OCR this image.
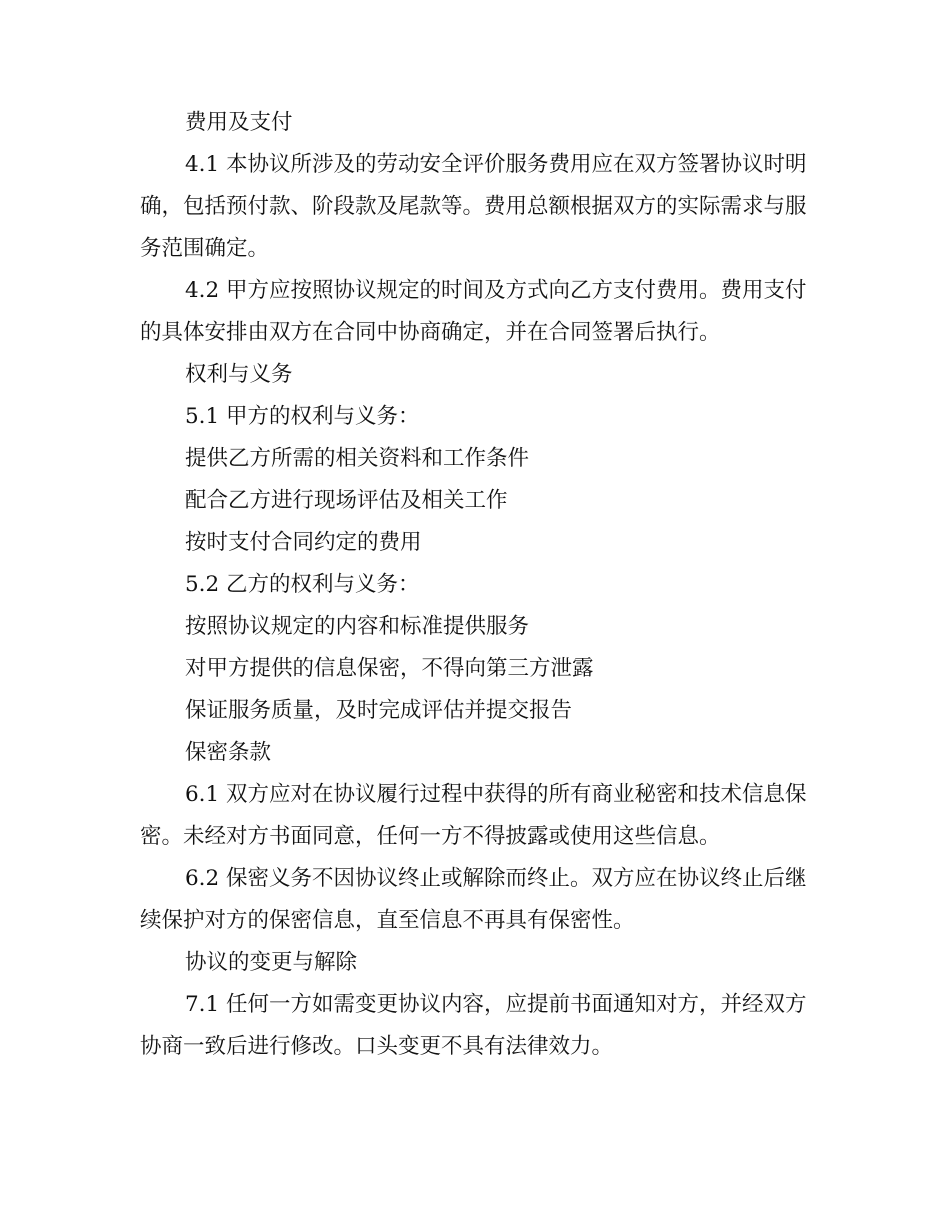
费用及支付

4.1 本协议所涉及的劳动安全评价服务费用应在双方签署协议时明确，包括预付款、阶段款及尾款等。费用总额根据双方的实际需求与服务范围确定。

4.2 甲方应按照协议规定的时间及方式向乙方支付费用。费用支付的具体安排由双方在合同中协商确定，并在合同签署后执行。

权利与义务

5.1 甲方的权利与义务：

提供乙方所需的相关资料和工作条件

配合乙方进行现场评估及相关工作

按时支付合同约定的费用

5.2 乙方的权利与义务：

按照协议规定的内容和标准提供服务

对甲方提供的信息保密，不得向第三方泄露

保证服务质量，及时完成评估并提交报告

保密条款

6.1 双方应对在协议履行过程中获得的所有商业秘密和技术信息保密。未经对方书面同意，任何一方不得披露或使用这些信息。

6.2 保密义务不因协议终止或解除而终止。双方应在协议终止后继续保护对方的保密信息，直至信息不再具有保密性。

协议的变更与解除

7.1 任何一方如需变更协议内容，应提前书面通知对方，并经双方协商一致后进行修改。口头变更不具有法律效力。
